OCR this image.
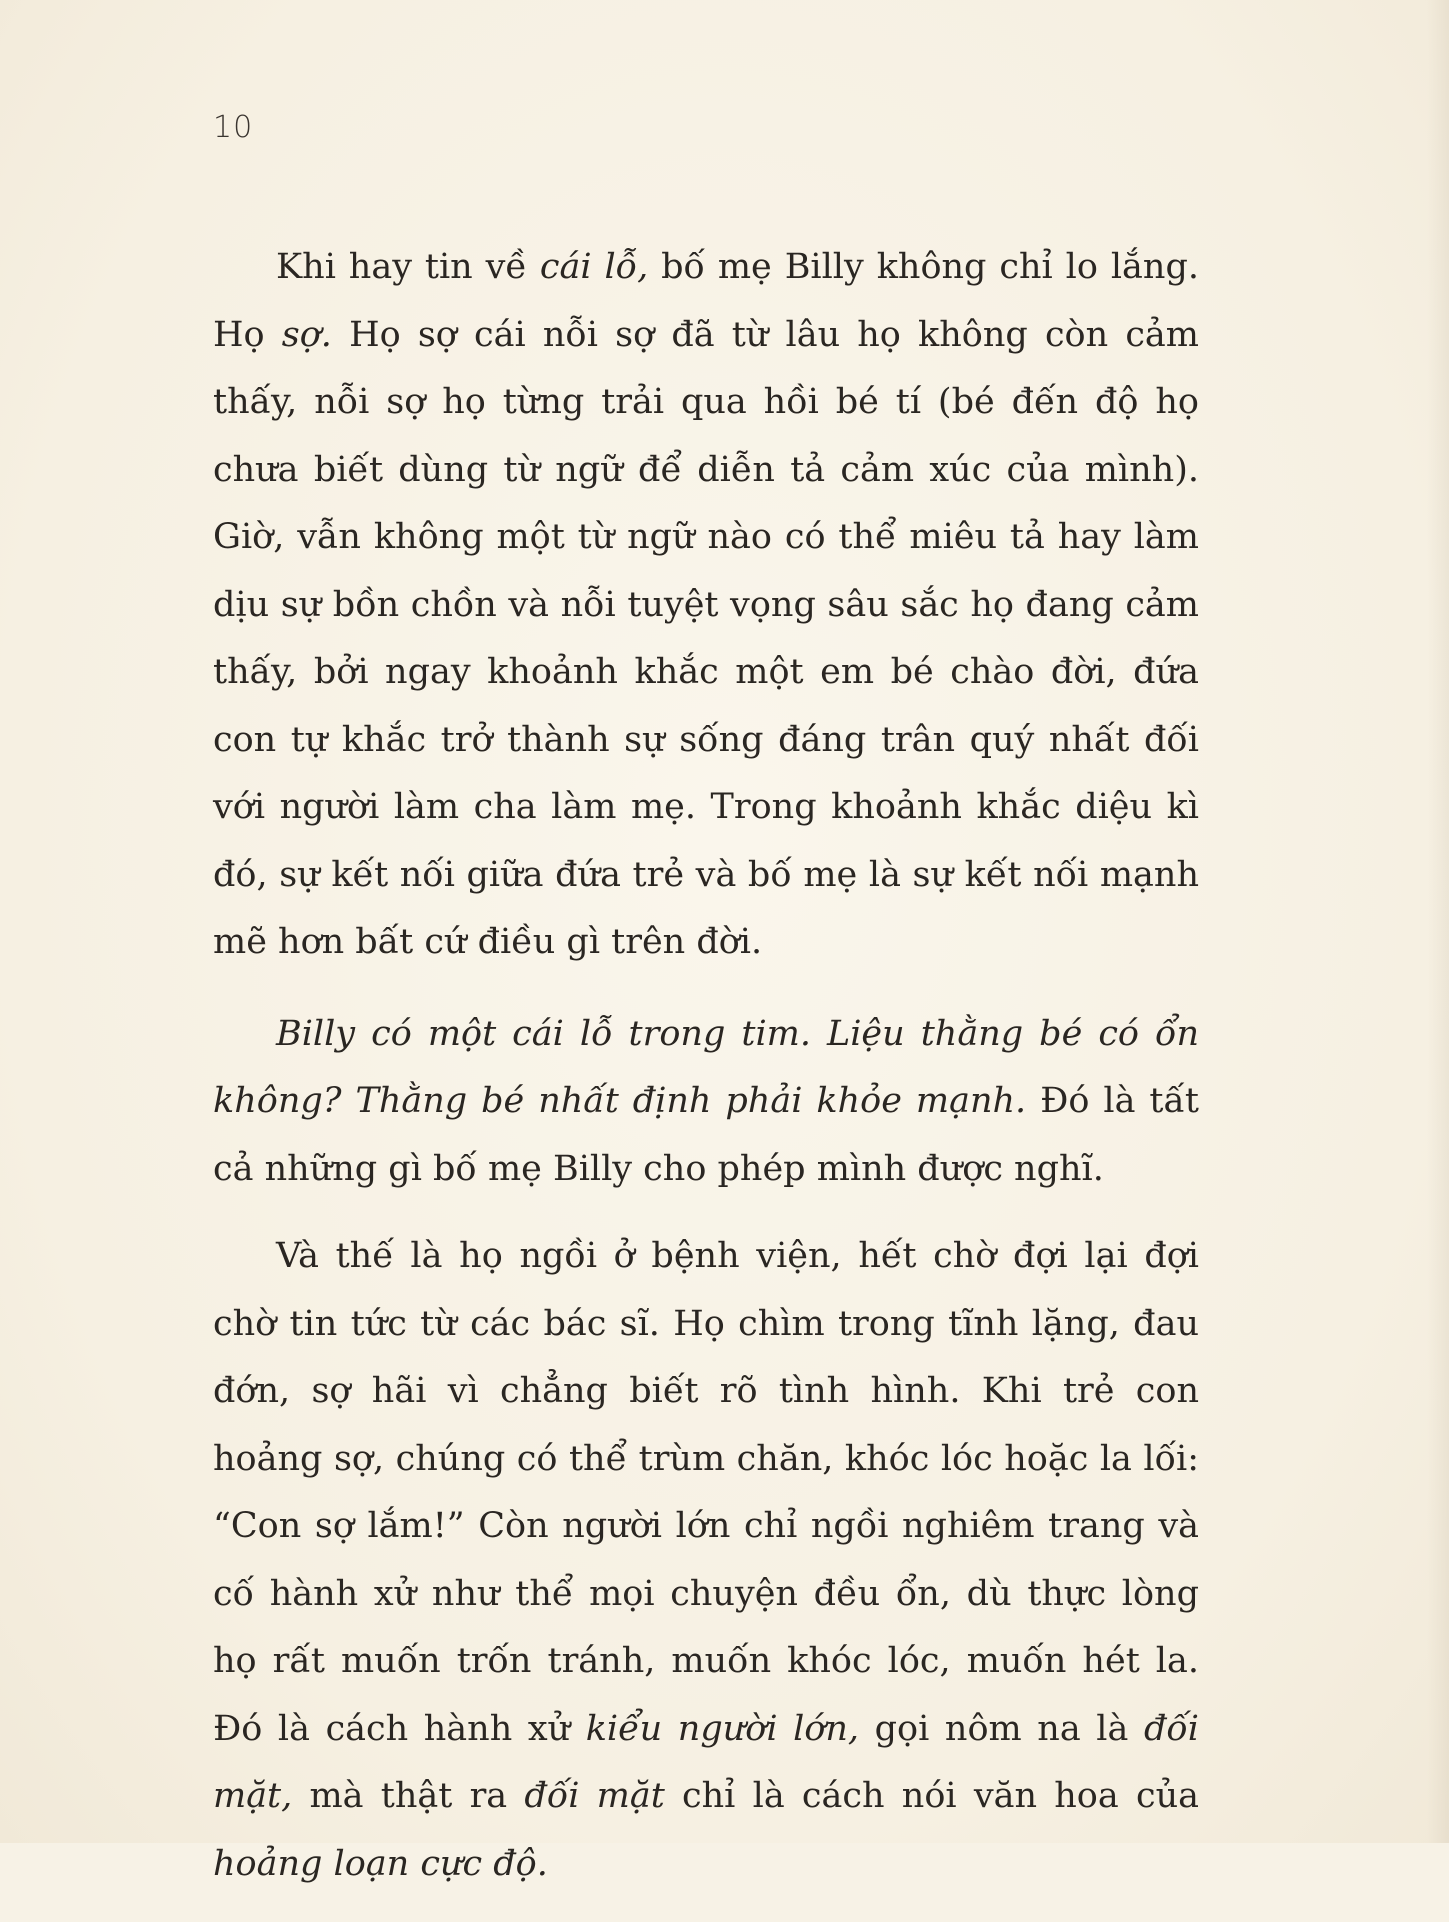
10

Khi hay tin về cái lỗ, bố mẹ Billy không chỉ lo lắng. Họ sợ. Họ sợ cái nỗi sợ đã từ lâu họ không còn cảm thấy, nỗi sợ họ từng trải qua hồi bé tí (bé đến độ họ chưa biết dùng từ ngữ để diễn tả cảm xúc của mình). Giờ, vẫn không một từ ngữ nào có thể miêu tả hay làm dịu sự bồn chồn và nỗi tuyệt vọng sâu sắc họ đang cảm thấy, bởi ngay khoảnh khắc một em bé chào đời, đứa con tự khắc trở thành sự sống đáng trân quý nhất đối với người làm cha làm mẹ. Trong khoảnh khắc diệu kì đó, sự kết nối giữa đứa trẻ và bố mẹ là sự kết nối mạnh mẽ hơn bất cứ điều gì trên đời.

Billy có một cái lỗ trong tim. Liệu thằng bé có ổn không? Thằng bé nhất định phải khỏe mạnh. Đó là tất cả những gì bố mẹ Billy cho phép mình được nghĩ.

Và thế là họ ngồi ở bệnh viện, hết chờ đợi lại đợi chờ tin tức từ các bác sĩ. Họ chìm trong tĩnh lặng, đau đớn, sợ hãi vì chẳng biết rõ tình hình. Khi trẻ con hoảng sợ, chúng có thể trùm chăn, khóc lóc hoặc la lối: “Con sợ lắm!” Còn người lớn chỉ ngồi nghiêm trang và cố hành xử như thể mọi chuyện đều ổn, dù thực lòng họ rất muốn trốn tránh, muốn khóc lóc, muốn hét la. Đó là cách hành xử kiểu người lớn, gọi nôm na là đối mặt, mà thật ra đối mặt chỉ là cách nói văn hoa của hoảng loạn cực độ.
